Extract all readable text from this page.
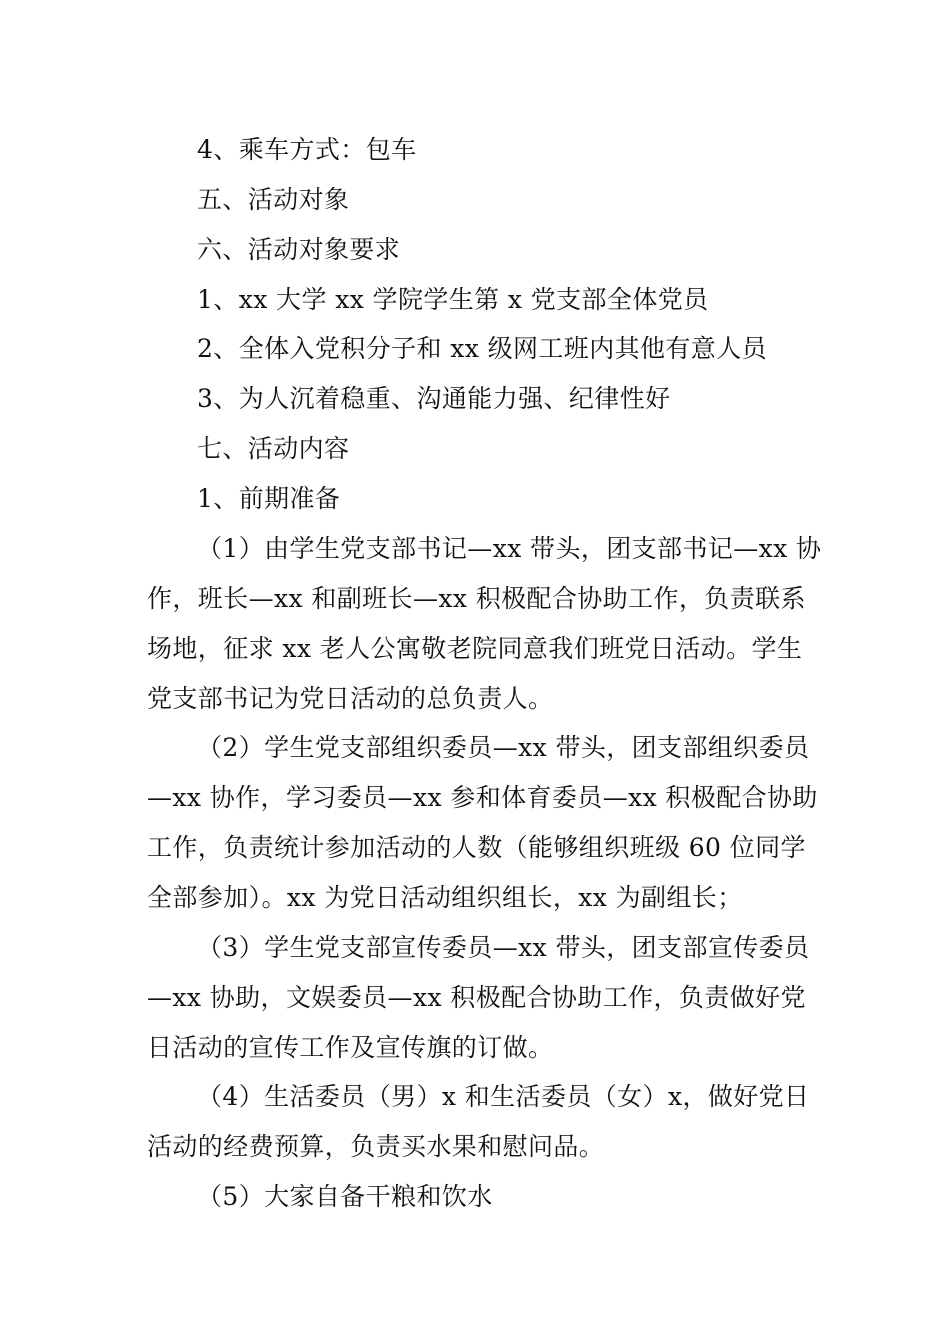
4、乘车方式：包车
五、活动对象
六、活动对象要求
1、xx 大学 xx 学院学生第 x 党支部全体党员
2、全体入党积分子和 xx 级网工班内其他有意人员
3、为人沉着稳重、沟通能力强、纪律性好
七、活动内容
1、前期准备
（1）由学生党支部书记—xx 带头，团支部书记—xx 协
作，班长—xx 和副班长—xx 积极配合协助工作，负责联系
场地，征求 xx 老人公寓敬老院同意我们班党日活动。学生
党支部书记为党日活动的总负责人。
（2）学生党支部组织委员—xx 带头，团支部组织委员
—xx 协作，学习委员—xx 参和体育委员—xx 积极配合协助
工作，负责统计参加活动的人数（能够组织班级 60 位同学
全部参加）。xx 为党日活动组织组长，xx 为副组长；
（3）学生党支部宣传委员—xx 带头，团支部宣传委员
—xx 协助，文娱委员—xx 积极配合协助工作，负责做好党
日活动的宣传工作及宣传旗的订做。
（4）生活委员（男）x 和生活委员（女）x，做好党日
活动的经费预算，负责买水果和慰问品。
（5）大家自备干粮和饮水
